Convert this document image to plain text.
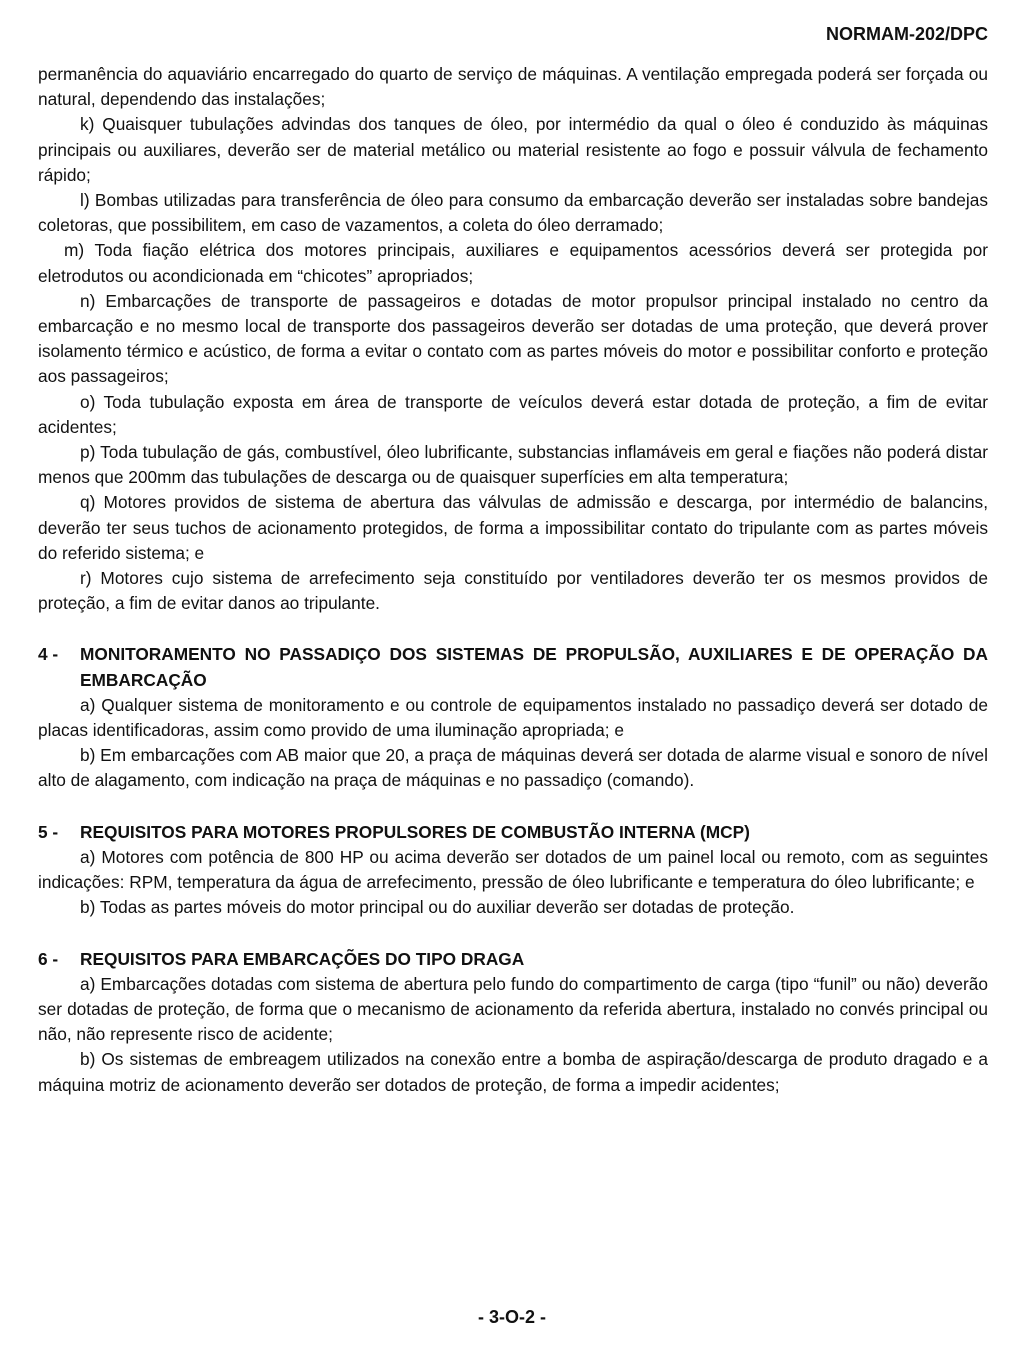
NORMAM-202/DPC

permanência do aquaviário encarregado do quarto de serviço de máquinas. A ventilação empregada poderá ser forçada ou natural, dependendo das instalações;

k) Quaisquer tubulações advindas dos tanques de óleo, por intermédio da qual o óleo é conduzido às máquinas principais ou auxiliares, deverão ser de material metálico ou material resistente ao fogo e possuir válvula de fechamento rápido;

l) Bombas utilizadas para transferência de óleo para consumo da embarcação deverão ser instaladas sobre bandejas coletoras, que possibilitem, em caso de vazamentos, a coleta do óleo derramado;

m) Toda fiação elétrica dos motores principais, auxiliares e equipamentos acessórios deverá ser protegida por eletrodutos ou acondicionada em “chicotes” apropriados;

n) Embarcações de transporte de passageiros e dotadas de motor propulsor principal instalado no centro da embarcação e no mesmo local de transporte dos passageiros deverão ser dotadas de uma proteção, que deverá prover isolamento térmico e acústico, de forma a evitar o contato com as partes móveis do motor e possibilitar conforto e proteção aos passageiros;

o) Toda tubulação exposta em área de transporte de veículos deverá estar dotada de proteção, a fim de evitar acidentes;

p) Toda tubulação de gás, combustível, óleo lubrificante, substancias inflamáveis em geral e fiações não poderá distar menos que 200mm das tubulações de descarga ou de quaisquer superfícies em alta temperatura;

q) Motores providos de sistema de abertura das válvulas de admissão e descarga, por intermédio de balancins, deverão ter seus tuchos de acionamento protegidos, de forma a impossibilitar contato do tripulante com as partes móveis do referido sistema; e

r) Motores cujo sistema de arrefecimento seja constituído por ventiladores deverão ter os mesmos providos de proteção, a fim de evitar danos ao tripulante.

4 -	MONITORAMENTO NO PASSADIÇO DOS SISTEMAS DE PROPULSÃO, AUXILIARES E DE OPERAÇÃO DA EMBARCAÇÃO

a) Qualquer sistema de monitoramento e ou controle de equipamentos instalado no passadiço deverá ser dotado de placas identificadoras, assim como provido de uma iluminação apropriada; e

b) Em embarcações com AB maior que 20, a praça de máquinas deverá ser dotada de alarme visual e sonoro de nível alto de alagamento, com indicação na praça de máquinas e no passadiço (comando).

5 -	REQUISITOS PARA MOTORES PROPULSORES DE COMBUSTÃO INTERNA (MCP)

a) Motores com potência de 800 HP ou acima deverão ser dotados de um painel local ou remoto, com as seguintes indicações: RPM, temperatura da água de arrefecimento, pressão de óleo lubrificante e temperatura do óleo lubrificante; e

b) Todas as partes móveis do motor principal ou do auxiliar deverão ser dotadas de proteção.

6 -	REQUISITOS PARA EMBARCAÇÕES DO TIPO DRAGA

a) Embarcações dotadas com sistema de abertura pelo fundo do compartimento de carga (tipo “funil” ou não) deverão ser dotadas de proteção, de forma que o mecanismo de acionamento da referida abertura, instalado no convés principal ou não, não represente risco de acidente;

b) Os sistemas de embreagem utilizados na conexão entre a bomba de aspiração/descarga de produto dragado e a máquina motriz de acionamento deverão ser dotados de proteção, de forma a impedir acidentes;

- 3-O-2 -
